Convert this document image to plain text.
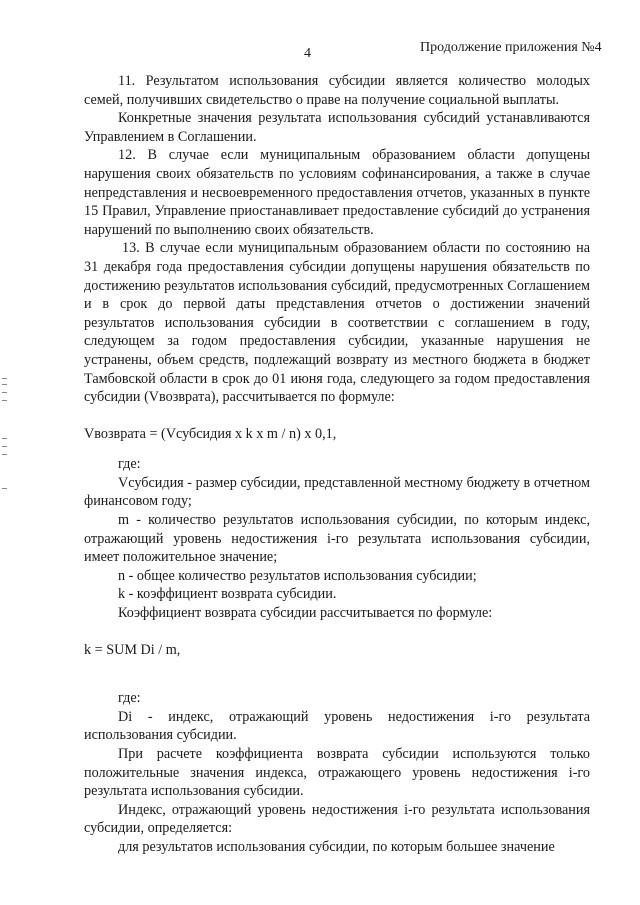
4	Продолжение приложения №4

11. Результатом использования субсидии является количество молодых семей, получивших свидетельство о праве на получение социальной выплаты.

Конкретные значения результата использования субсидий устанавливаются Управлением в Соглашении.

12. В случае если муниципальным образованием области допущены нарушения своих обязательств по условиям софинансирования, а также в случае непредставления и несвоевременного предоставления отчетов, указанных в пункте 15 Правил, Управление приостанавливает предоставление субсидий до устранения нарушений по выполнению своих обязательств.

13. В случае если муниципальным образованием области по состоянию на 31 декабря года предоставления субсидии допущены нарушения обязательств по достижению результатов использования субсидий, предусмотренных Соглашением и в срок до первой даты представления отчетов о достижении значений результатов использования субсидии в соответствии с соглашением в году, следующем за годом предоставления субсидии, указанные нарушения не устранены, объем средств, подлежащий возврату из местного бюджета в бюджет Тамбовской области в срок до 01 июня года, следующего за годом предоставления субсидии (Vвозврата), рассчитывается по формуле:

Vвозврата = (Vсубсидия х k х m / n) х 0,1,

где:

Vсубсидия - размер субсидии, представленной местному бюджету в отчетном финансовом году;

m - количество результатов использования субсидии, по которым индекс, отражающий уровень недостижения i-го результата использования субсидии, имеет положительное значение;

n - общее количество результатов использования субсидии;

k - коэффициент возврата субсидии.

Коэффициент возврата субсидии рассчитывается по формуле:

k = SUM Di / m,

где:

Di - индекс, отражающий уровень недостижения i-го результата использования субсидии.

При расчете коэффициента возврата субсидии используются только положительные значения индекса, отражающего уровень недостижения i-го результата использования субсидии.

Индекс, отражающий уровень недостижения i-го результата использования субсидии, определяется:

для результатов использования субсидии, по которым большее значение
